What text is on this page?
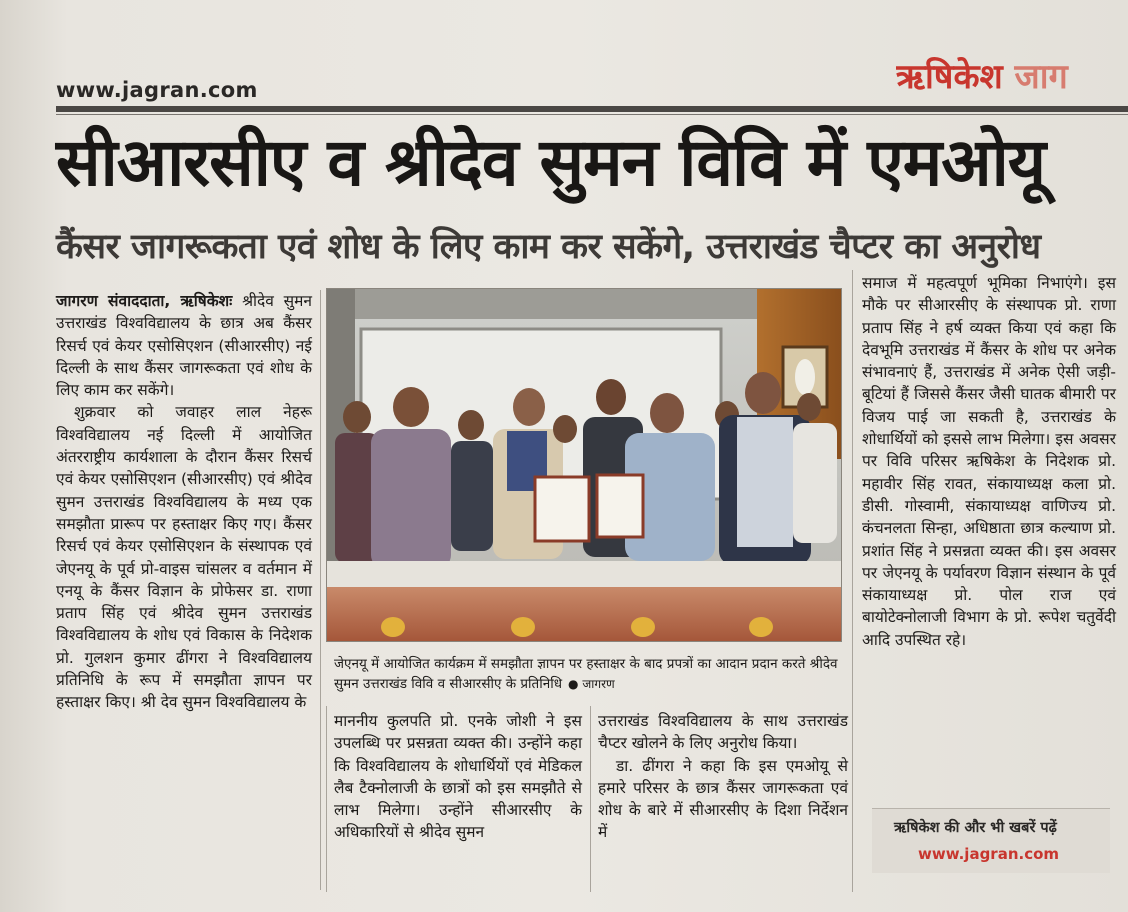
www.jagran.com	ऋषिकेश जाग
सीआरसीए व श्रीदेव सुमन विवि में एमओयू
कैंसर जागरूकता एवं शोध के लिए काम कर सकेंगे, उत्तराखंड चैप्टर का अनुरोध

जागरण संवाददाता, ऋषिकेशः श्रीदेव सुमन उत्तराखंड विश्वविद्यालय के छात्र अब कैंसर रिसर्च एवं केयर एसोसिएशन (सीआरसीए) नई दिल्ली के साथ कैंसर जागरूकता एवं शोध के लिए काम कर सकेंगे।

शुक्रवार को जवाहर लाल नेहरू विश्वविद्यालय नई दिल्ली में आयोजित अंतरराष्ट्रीय कार्यशाला के दौरान कैंसर रिसर्च एवं केयर एसोसिएशन (सीआरसीए) एवं श्रीदेव सुमन उत्तराखंड विश्वविद्यालय के मध्य एक समझौता प्रारूप पर हस्ताक्षर किए गए। कैंसर रिसर्च एवं केयर एसोसिएशन के संस्थापक एवं जेएनयू के पूर्व प्रो-वाइस चांसलर व वर्तमान में एनयू के कैंसर विज्ञान के प्रोफेसर डा. राणा प्रताप सिंह एवं श्रीदेव सुमन उत्तराखंड विश्वविद्यालय के शोध एवं विकास के निदेशक प्रो. गुलशन कुमार ढींगरा ने विश्वविद्यालय प्रतिनिधि के रूप में समझौता ज्ञापन पर हस्ताक्षर किए। श्री देव सुमन विश्वविद्यालय के

जेएनयू में आयोजित कार्यक्रम में समझौता ज्ञापन पर हस्ताक्षर के बाद प्रपत्रों का आदान प्रदान करते श्रीदेव सुमन उत्तराखंड विवि व सीआरसीए के प्रतिनिधि ● जागरण

माननीय कुलपति प्रो. एनके जोशी ने इस उपलब्धि पर प्रसन्नता व्यक्त की। उन्होंने कहा कि विश्वविद्यालय के शोधार्थियों एवं मेडिकल लैब टैक्नोलाजी के छात्रों को इस समझौते से लाभ मिलेगा। उन्होंने सीआरसीए के अधिकारियों से श्रीदेव सुमन

उत्तराखंड विश्वविद्यालय के साथ उत्तराखंड चैप्टर खोलने के लिए अनुरोध किया।

डा. ढींगरा ने कहा कि इस एमओयू से हमारे परिसर के छात्र कैंसर जागरूकता एवं शोध के बारे में सीआरसीए के दिशा निर्देशन में

समाज में महत्वपूर्ण भूमिका निभाएंगे। इस मौके पर सीआरसीए के संस्थापक प्रो. राणा प्रताप सिंह ने हर्ष व्यक्त किया एवं कहा कि देवभूमि उत्तराखंड में कैंसर के शोध पर अनेक संभावनाएं हैं, उत्तराखंड में अनेक ऐसी जड़ी-बूटियां हैं जिससे कैंसर जैसी घातक बीमारी पर विजय पाई जा सकती है, उत्तराखंड के शोधार्थियों को इससे लाभ मिलेगा। इस अवसर पर विवि परिसर ऋषिकेश के निदेशक प्रो. महावीर सिंह रावत, संकायाध्यक्ष कला प्रो. डीसी. गोस्वामी, संकायाध्यक्ष वाणिज्य प्रो. कंचनलता सिन्हा, अधिष्ठाता छात्र कल्याण प्रो. प्रशांत सिंह ने प्रसन्नता व्यक्त की। इस अवसर पर जेएनयू के पर्यावरण विज्ञान संस्थान के पूर्व संकायाध्यक्ष प्रो. पोल राज एवं बायोटेक्नोलाजी विभाग के प्रो. रूपेश चतुर्वेदी आदि उपस्थित रहे।

ऋषिकेश की और भी खबरें पढ़ें
www.jagran.com
